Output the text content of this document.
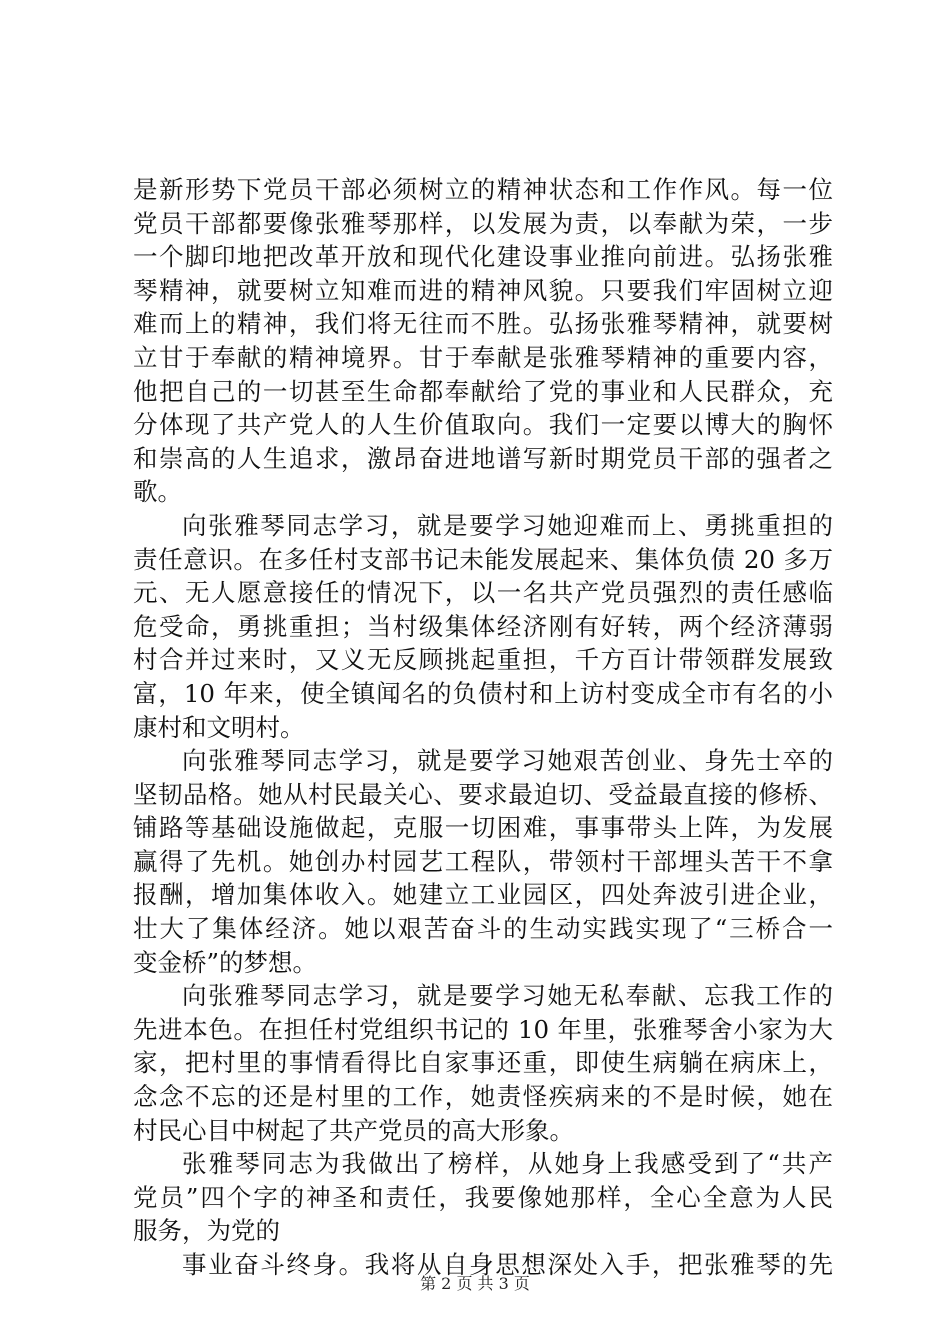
是新形势下党员干部必须树立的精神状态和工作作风。每一位
党员干部都要像张雅琴那样，以发展为责，以奉献为荣，一步
一个脚印地把改革开放和现代化建设事业推向前进。弘扬张雅
琴精神，就要树立知难而进的精神风貌。只要我们牢固树立迎
难而上的精神，我们将无往而不胜。弘扬张雅琴精神，就要树
立甘于奉献的精神境界。甘于奉献是张雅琴精神的重要内容，
他把自己的一切甚至生命都奉献给了党的事业和人民群众，充
分体现了共产党人的人生价值取向。我们一定要以博大的胸怀
和崇高的人生追求，激昂奋进地谱写新时期党员干部的强者之
歌。
向张雅琴同志学习，就是要学习她迎难而上、勇挑重担的
责任意识。在多任村支部书记未能发展起来、集体负债 20 多万
元、无人愿意接任的情况下，以一名共产党员强烈的责任感临
危受命，勇挑重担；当村级集体经济刚有好转，两个经济薄弱
村合并过来时，又义无反顾挑起重担，千方百计带领群发展致
富，10 年来，使全镇闻名的负债村和上访村变成全市有名的小
康村和文明村。
向张雅琴同志学习，就是要学习她艰苦创业、身先士卒的
坚韧品格。她从村民最关心、要求最迫切、受益最直接的修桥、
铺路等基础设施做起，克服一切困难，事事带头上阵，为发展
赢得了先机。她创办村园艺工程队，带领村干部埋头苦干不拿
报酬，增加集体收入。她建立工业园区，四处奔波引进企业，
壮大了集体经济。她以艰苦奋斗的生动实践实现了“三桥合一
变金桥”的梦想。
向张雅琴同志学习，就是要学习她无私奉献、忘我工作的
先进本色。在担任村党组织书记的 10 年里，张雅琴舍小家为大
家，把村里的事情看得比自家事还重，即使生病躺在病床上，
念念不忘的还是村里的工作，她责怪疾病来的不是时候，她在
村民心目中树起了共产党员的高大形象。
张雅琴同志为我做出了榜样，从她身上我感受到了“共产
党员”四个字的神圣和责任，我要像她那样，全心全意为人民
服务，为党的
事业奋斗终身。我将从自身思想深处入手，把张雅琴的先
第 2 页 共 3 页
